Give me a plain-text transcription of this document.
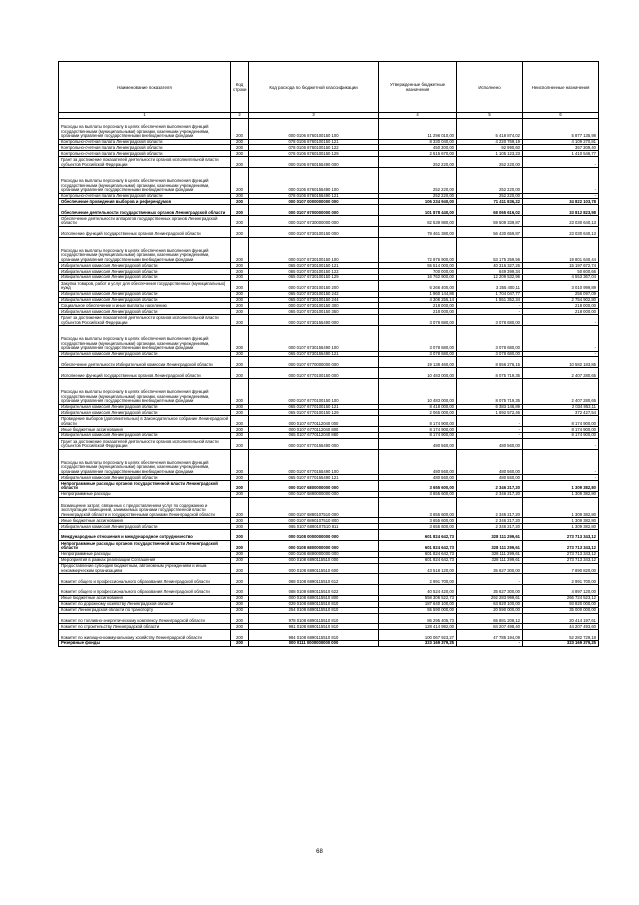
Наименование показателя	Код строки	Код расхода по бюджетной классификации	Утвержденные бюджетные назначения	Исполнено	Неисполненные назначения
1	2	3	4	5	6
Расходы на выплаты персоналу в целях обеспечения выполнения функций государственными (муниципальными) органами, казенными учреждениями, органами управления государственными внебюджетными фондами	200	000 0106 6760100150 100	11 296 010,00	5 418 874,02	5 877 135,98
Контрольно-счетная палата Ленинградской области	200	078 0106 6760100150 121	8 330 040,00	4 220 769,19	4 109 270,81
Контрольно-счетная палата Ленинградской области	200	078 0106 6760100150 122	450 300,00	92 990,60	357 309,40
Контрольно-счетная палата Ленинградской области	200	078 0106 6760100150 129	2 515 670,00	1 105 123,23	1 410 546,77
Грант за достижение показателей деятельности органов исполнительной власти субъектов Российской Федерации	200	000 0106 6760155490 000	252 220,00	252 220,00	-
Расходы на выплаты персоналу в целях обеспечения выполнения функций государственными (муниципальными) органами, казенными учреждениями, органами управления государственными внебюджетными фондами	200	000 0106 6760155490 100	252 220,00	252 220,00	-
Контрольно-счетная палата Ленинградской области	200	078 0106 6760155490 121	252 220,00	252 220,00	-
Обеспечение проведения выборов и референдумов	200	000 0107 0000000000 000	106 234 940,00	71 411 836,22	34 822 103,78
Обеспечение деятельности государственных органов Ленинградской области	200	000 0107 6700000000 000	101 878 440,00	68 065 616,02	33 812 823,98
Обеспечение деятельности аппаратов государственных органов Ленинградской области	200	000 0107 6730000000 000	82 539 980,00	59 509 339,87	23 030 640,13
Исполнение функций государственных органов Ленинградской области	200	000 0107 6730100150 000	79 461 380,00	56 430 659,87	23 030 640,13
Расходы на выплаты персоналу в целях обеспечения выполнения функций государственными (муниципальными) органами, казенными учреждениями, органами управления государственными внебюджетными фондами	200	000 0107 6730100150 100	72 976 900,00	53 175 259,56	19 801 640,44
Избирательная комиссия Ленинградской области	200	065 0107 6730100150 121	55 514 000,00	40 316 327,26	15 197 672,74
Избирательная комиссия Ленинградской области	200	065 0107 6730100150 122	700 000,00	649 399,34	50 600,66
Избирательная комиссия Ленинградской области	200	065 0107 6730100150 129	16 762 900,00	12 209 532,96	4 553 367,04
Закупка товаров, работ и услуг для обеспечения государственных (муниципальных) нужд	200	000 0107 6730100150 200	6 266 400,00	3 255 400,11	3 010 999,89
Избирательная комиссия Ленинградской области	200	065 0107 6730100150 242	1 960 144,86	1 704 047,77	256 097,09
Избирательная комиссия Ленинградской области	200	065 0107 6730100150 244	4 306 255,14	1 551 352,34	2 754 902,80
Социальное обеспечение и иные выплаты населению	200	000 0107 6730100150 300	218 000,00	-	218 000,00
Избирательная комиссия Ленинградской области	200	065 0107 6730100150 350	218 000,00	-	218 000,00
Грант за достижение показателей деятельности органов исполнительной власти субъектов Российской Федерации	200	000 0107 6730155490 000	3 078 680,00	3 078 680,00	-
Расходы на выплаты персоналу в целях обеспечения выполнения функций государственными (муниципальными) органами, казенными учреждениями, органами управления государственными внебюджетными фондами	200	000 0107 6730155490 100	3 078 680,00	3 078 680,00	-
Избирательная комиссия Ленинградской области	200	065 0107 6730155490 121	3 078 680,00	3 078 680,00	-
Обеспечение деятельности Избирательной комиссии Ленинградской области	200	000 0107 6770000000 000	19 138 460,00	8 556 276,15	10 582 183,85
Исполнение функций государственных органов Ленинградской области	200	000 0107 6770100150 000	10 483 000,00	8 075 719,35	2 407 280,65
Расходы на выплаты персоналу в целях обеспечения выполнения функций государственными (муниципальными) органами, казенными учреждениями, органами управления государственными внебюджетными фондами	200	000 0107 6770100150 100	10 483 000,00	8 075 719,35	2 407 280,65
Избирательная комиссия Ленинградской области	200	065 0107 6770100150 121	8 418 000,00	6 383 146,89	2 034 853,11
Избирательная комиссия Ленинградской области	200	065 0107 6770100150 129	2 065 000,00	1 692 572,46	372 427,54
Проведение выборов (дополнительных) в Законодательное собрание Ленинградской области	200	000 0107 6770112040 000	8 174 900,00	-	8 174 900,00
Иные бюджетные ассигнования	200	000 0107 6770112040 800	8 174 900,00	-	8 174 900,00
Избирательная комиссия Ленинградской области	200	065 0107 6770112040 880	8 174 900,00	-	8 174 900,00
Грант за достижение показателей деятельности органов исполнительной власти субъектов Российской Федерации	200	000 0107 6770155490 000	480 560,00	480 560,00	-
Расходы на выплаты персоналу в целях обеспечения выполнения функций государственными (муниципальными) органами, казенными учреждениями, органами управления государственными внебюджетными фондами	200	000 0107 6770155490 100	480 560,00	480 560,00	-
Избирательная комиссия Ленинградской области	200	065 0107 6770155490 121	480 560,00	480 560,00	-
Непрограммные расходы органов государственной власти Ленинградской области	200	000 0107 6800000000 000	3 655 600,00	2 346 217,20	1 309 382,80
Непрограммные расходы	200	000 0107 6890000000 000	3 655 600,00	2 346 217,20	1 309 382,80
Возмещение затрат, связанных с предоставлением услуг по содержанию и эксплуатации помещений, занимаемых органами государственной власти Ленинградской области и государственными органами Ленинградской области	200	000 0107 6890107510 000	3 655 600,00	2 346 217,20	1 309 382,80
Иные бюджетные ассигнования	200	000 0107 6890107510 800	3 655 600,00	2 346 217,20	1 309 382,80
Избирательная комиссия Ленинградской области	200	065 0107 6890107510 811	3 655 600,00	2 346 217,20	1 309 382,80
Международные отношения и международное сотрудничество	200	000 0108 0000000000 000	601 824 642,73	328 111 299,61	273 713 343,12
Непрограммные расходы органов государственной власти Ленинградской области	200	000 0108 6800000000 000	601 824 642,73	328 111 299,61	273 713 343,12
Непрограммные расходы	200	000 0108 6890000000 000	601 824 642,73	328 111 299,61	273 713 343,12
Мероприятия в рамках реализации Соглашения	200	000 0108 6890115510 000	601 824 642,73	328 111 299,61	273 713 343,12
Предоставление субсидий бюджетным, автономным учреждениям и иным некоммерческим организациям	200	000 0108 6890115510 600	43 518 120,00	35 627 300,00	7 890 820,00
Комитет общего и профессионального образования Ленинградской области	200	088 0108 6890115510 612	2 991 700,00	-	2 991 700,00
Комитет общего и профессионального образования Ленинградской области	200	088 0108 6890115510 622	40 524 420,00	35 627 300,00	4 897 120,00
Иные бюджетные ассигнования	200	000 0108 6890115510 800	558 306 522,73	292 283 999,61	266 724 523,12
Комитет по дорожному хозяйству Ленинградской области	200	029 0108 6890115510 810	187 640 100,00	63 820 100,00	93 820 000,00
Комитет Ленинградской области по транспорту	200	254 0108 6890115510 810	55 590 000,00	20 590 000,00	35 000 000,00
Комитет по топливно-энергетическому комплексу Ленинградской области	200	978 0108 6890115510 810	86 295 405,73	65 881 208,12	20 414 197,61
Комитет по строительству Ленинградской области	200	981 0108 6890115510 810	128 414 992,00	84 207 498,40	44 207 493,60
Комитет по жилищно-коммунальному хозяйству Ленинградской области	200	984 0108 6890115510 810	100 067 923,27	47 785 194,09	52 282 729,18
Резервные фонды	200	000 0111 0000000000 000	323 169 379,25	-	323 169 379,25
68
